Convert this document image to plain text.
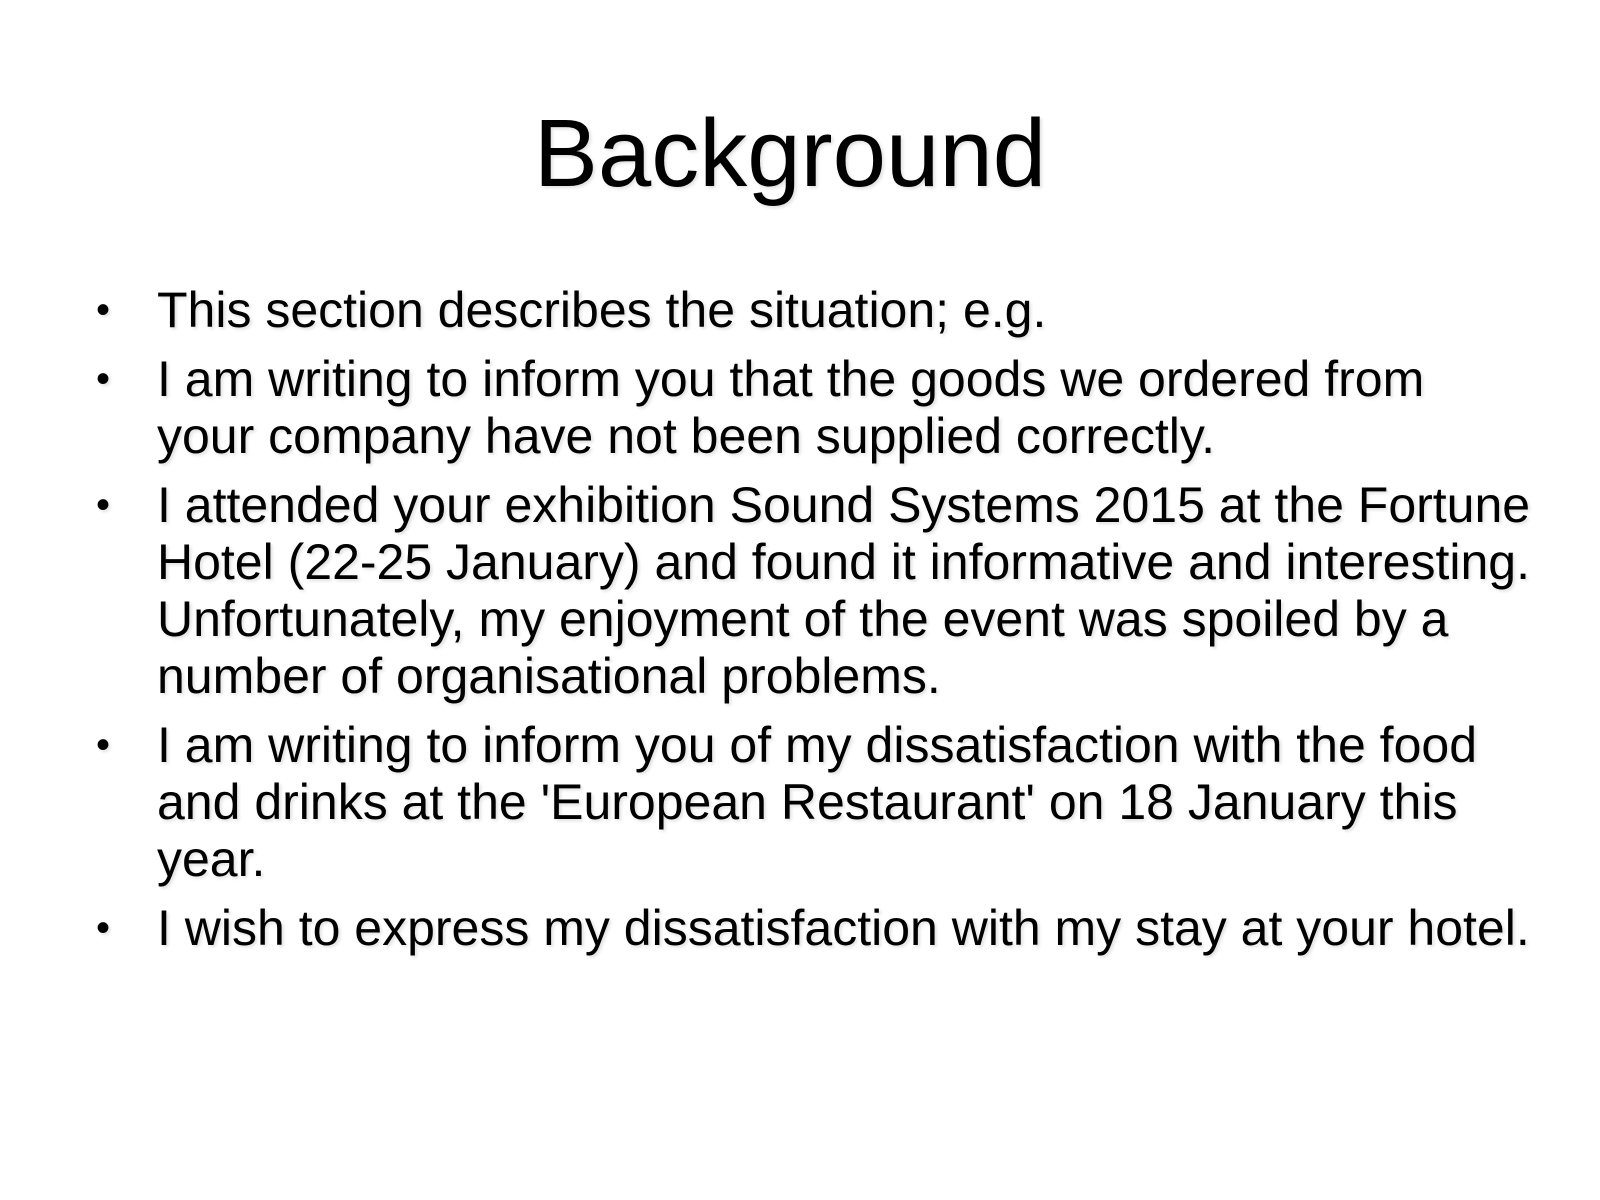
Background
• This section describes the situation; e.g.
• I am writing to inform you that the goods we ordered from your company have not been supplied correctly.
• I attended your exhibition Sound Systems 2015 at the Fortune Hotel (22-25 January) and found it informative and interesting. Unfortunately, my enjoyment of the event was spoiled by a number of organisational problems.
• I am writing to inform you of my dissatisfaction with the food and drinks at the 'European Restaurant' on 18 January this year.
• I wish to express my dissatisfaction with my stay at your hotel.
